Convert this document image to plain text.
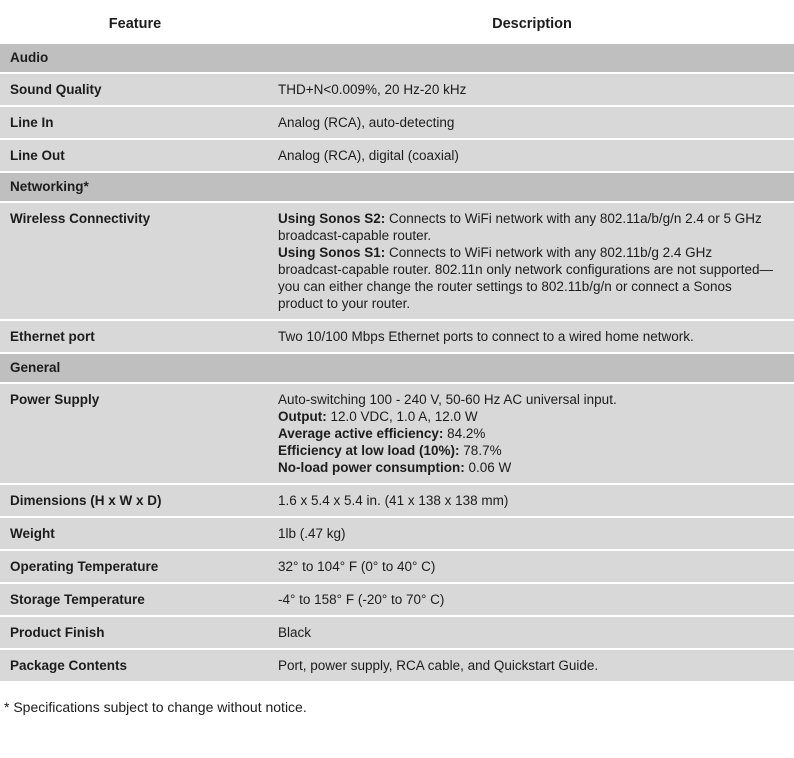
Feature	Description
Audio
Sound Quality	THD+N<0.009%, 20 Hz-20 kHz
Line In	Analog (RCA), auto-detecting
Line Out	Analog (RCA), digital (coaxial)
Networking*
Wireless Connectivity	Using Sonos S2: Connects to WiFi network with any 802.11a/b/g/n 2.4 or 5 GHz broadcast-capable router.
Using Sonos S1: Connects to WiFi network with any 802.11b/g 2.4 GHz broadcast-capable router. 802.11n only network configurations are not supported—you can either change the router settings to 802.11b/g/n or connect a Sonos product to your router.
Ethernet port	Two 10/100 Mbps Ethernet ports to connect to a wired home network.
General
Power Supply	Auto-switching 100 - 240 V, 50-60 Hz AC universal input.
Output: 12.0 VDC, 1.0 A, 12.0 W
Average active efficiency: 84.2%
Efficiency at low load (10%): 78.7%
No-load power consumption: 0.06 W
Dimensions (H x W x D)	1.6 x 5.4 x 5.4 in. (41 x 138 x 138 mm)
Weight	1lb (.47 kg)
Operating Temperature	32° to 104° F (0° to 40° C)
Storage Temperature	-4° to 158° F (-20° to 70° C)
Product Finish	Black
Package Contents	Port, power supply, RCA cable, and Quickstart Guide.
* Specifications subject to change without notice.
